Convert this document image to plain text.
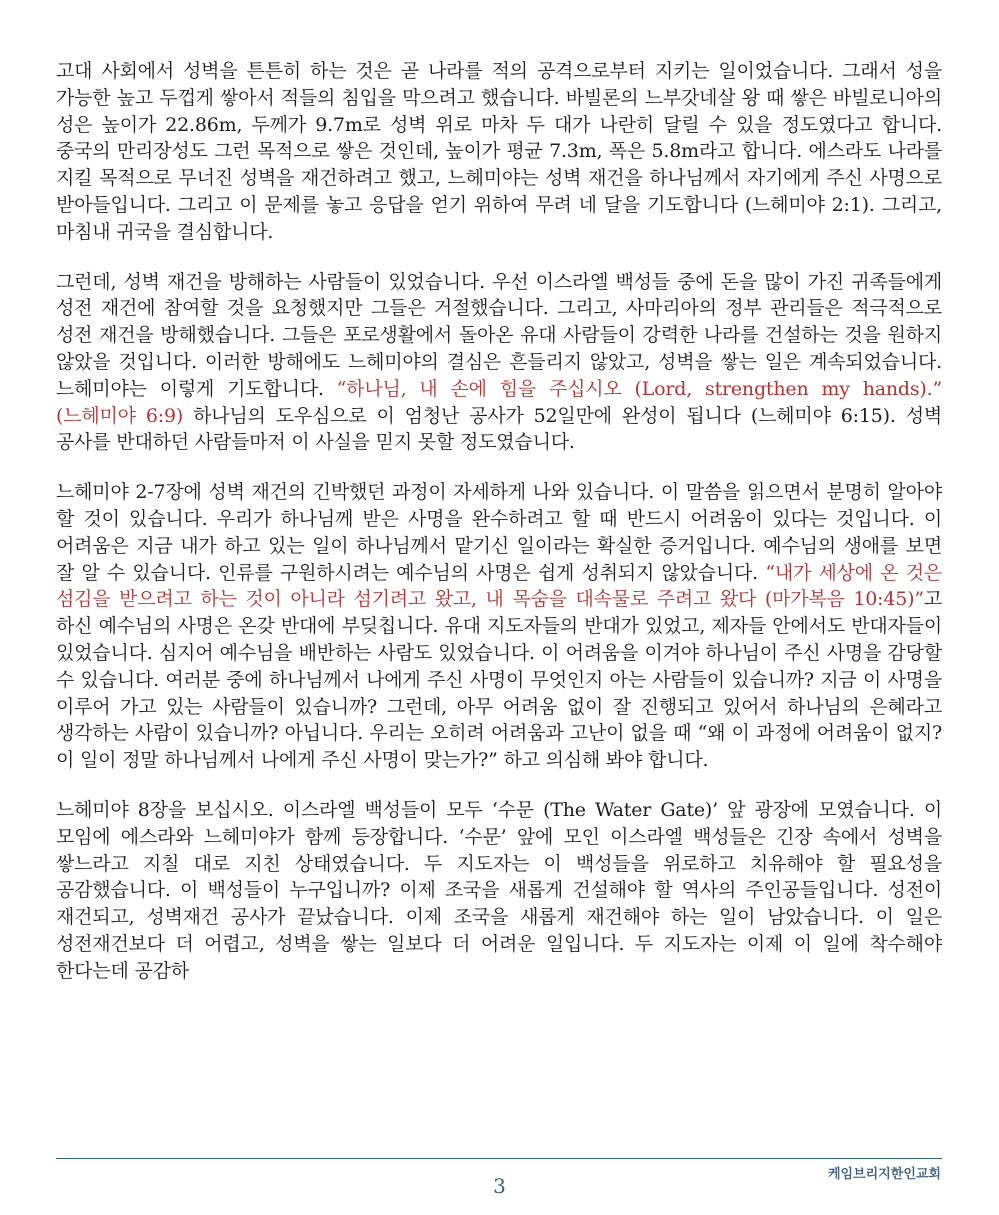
고대 사회에서 성벽을 튼튼히 하는 것은 곧 나라를 적의 공격으로부터 지키는 일이었습니다. 그래서 성을 가능한 높고 두껍게 쌓아서 적들의 침입을 막으려고 했습니다. 바빌론의 느부갓네살 왕 때 쌓은 바빌로니아의 성은 높이가 22.86m, 두께가 9.7m로 성벽 위로 마차 두 대가 나란히 달릴 수 있을 정도였다고 합니다. 중국의 만리장성도 그런 목적으로 쌓은 것인데, 높이가 평균 7.3m, 폭은 5.8m라고 합니다. 에스라도 나라를 지킬 목적으로 무너진 성벽을 재건하려고 했고, 느헤미야는 성벽 재건을 하나님께서 자기에게 주신 사명으로 받아들입니다. 그리고 이 문제를 놓고 응답을 얻기 위하여 무려 네 달을 기도합니다 (느헤미야 2:1). 그리고, 마침내 귀국을 결심합니다.

그런데, 성벽 재건을 방해하는 사람들이 있었습니다. 우선 이스라엘 백성들 중에 돈을 많이 가진 귀족들에게 성전 재건에 참여할 것을 요청했지만 그들은 거절했습니다. 그리고, 사마리아의 정부 관리들은 적극적으로 성전 재건을 방해했습니다. 그들은 포로생활에서 돌아온 유대 사람들이 강력한 나라를 건설하는 것을 원하지 않았을 것입니다. 이러한 방해에도 느헤미야의 결심은 흔들리지 않았고, 성벽을 쌓는 일은 계속되었습니다. 느헤미야는 이렇게 기도합니다. “하나님, 내 손에 힘을 주십시오 (Lord, strengthen my hands).” (느헤미야 6:9) 하나님의 도우심으로 이 엄청난 공사가 52일만에 완성이 됩니다 (느헤미야 6:15). 성벽 공사를 반대하던 사람들마저 이 사실을 믿지 못할 정도였습니다.

느헤미야 2-7장에 성벽 재건의 긴박했던 과정이 자세하게 나와 있습니다. 이 말씀을 읽으면서 분명히 알아야 할 것이 있습니다. 우리가 하나님께 받은 사명을 완수하려고 할 때 반드시 어려움이 있다는 것입니다. 이 어려움은 지금 내가 하고 있는 일이 하나님께서 맡기신 일이라는 확실한 증거입니다. 예수님의 생애를 보면 잘 알 수 있습니다. 인류를 구원하시려는 예수님의 사명은 쉽게 성취되지 않았습니다. “내가 세상에 온 것은 섬김을 받으려고 하는 것이 아니라 섬기려고 왔고, 내 목숨을 대속물로 주려고 왔다 (마가복음 10:45)”고 하신 예수님의 사명은 온갖 반대에 부딪칩니다. 유대 지도자들의 반대가 있었고, 제자들 안에서도 반대자들이 있었습니다. 심지어 예수님을 배반하는 사람도 있었습니다. 이 어려움을 이겨야 하나님이 주신 사명을 감당할 수 있습니다. 여러분 중에 하나님께서 나에게 주신 사명이 무엇인지 아는 사람들이 있습니까? 지금 이 사명을 이루어 가고 있는 사람들이 있습니까? 그런데, 아무 어려움 없이 잘 진행되고 있어서 하나님의 은혜라고 생각하는 사람이 있습니까? 아닙니다. 우리는 오히려 어려움과 고난이 없을 때 “왜 이 과정에 어려움이 없지? 이 일이 정말 하나님께서 나에게 주신 사명이 맞는가?” 하고 의심해 봐야 합니다.

느헤미야 8장을 보십시오. 이스라엘 백성들이 모두 ‘수문 (The Water Gate)’ 앞 광장에 모였습니다. 이 모임에 에스라와 느헤미야가 함께 등장합니다. ‘수문’ 앞에 모인 이스라엘 백성들은 긴장 속에서 성벽을 쌓느라고 지칠 대로 지친 상태였습니다. 두 지도자는 이 백성들을 위로하고 치유해야 할 필요성을 공감했습니다. 이 백성들이 누구입니까? 이제 조국을 새롭게 건설해야 할 역사의 주인공들입니다. 성전이 재건되고, 성벽재건 공사가 끝났습니다. 이제 조국을 새롭게 재건해야 하는 일이 남았습니다. 이 일은 성전재건보다 더 어렵고, 성벽을 쌓는 일보다 더 어려운 일입니다. 두 지도자는 이제 이 일에 착수해야 한다는데 공감하

케임브리지한인교회
3
